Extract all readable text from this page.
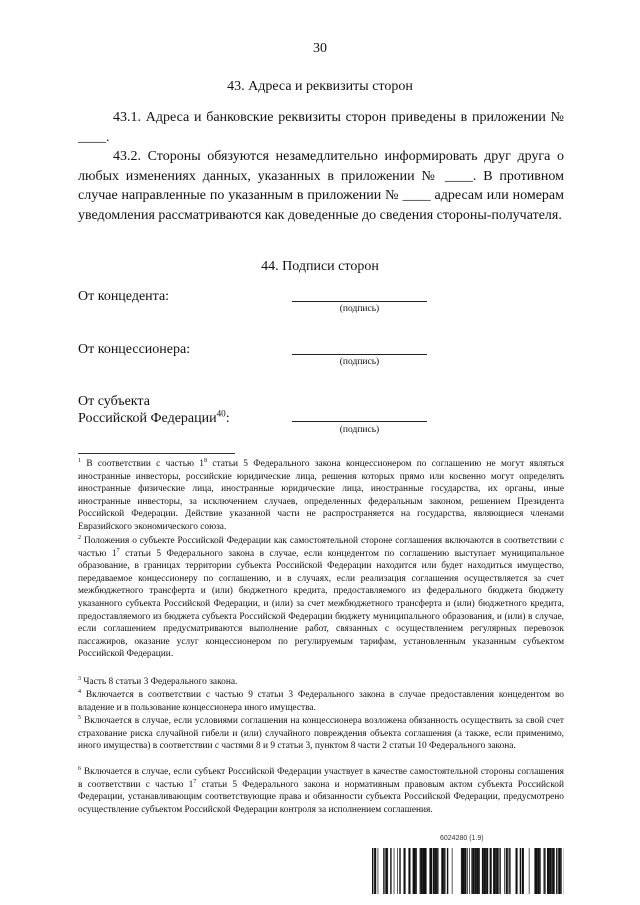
30
43. Адреса и реквизиты сторон
43.1. Адреса и банковские реквизиты сторон приведены в приложении № ____.
43.2. Стороны обязуются незамедлительно информировать друг друга о любых изменениях данных, указанных в приложении № ____. В противном случае направленные по указанным в приложении № ____ адресам или номерам уведомления рассматриваются как доведенные до сведения стороны-получателя.
44. Подписи сторон
От концедента:
(подпись)
От концессионера:
(подпись)
От субъекта
Российской Федерации$^{40}$:
(подпись)
$^1$ В соответствии с частью $1^8$ статьи 5 Федерального закона концессионером по соглашению не могут являться иностранные инвесторы, российские юридические лица, решения которых прямо или косвенно могут определять иностранные физические лица, иностранные юридические лица, иностранные государства, их органы, иные иностранные инвесторы, за исключением случаев, определенных федеральным законом, решением Президента Российской Федерации. Действие указанной части не распространяется на государства, являющиеся членами Евразийского экономического союза.
$^2$ Положения о субъекте Российской Федерации как самостоятельной стороне соглашения включаются в соответствии с частью $1^7$ статьи 5 Федерального закона в случае, если концедентом по соглашению выступает муниципальное образование, в границах территории субъекта Российской Федерации находится или будет находиться имущество, передаваемое концессионеру по соглашению, и в случаях, если реализация соглашения осуществляется за счет межбюджетного трансферта и (или) бюджетного кредита, предоставляемого из федерального бюджета бюджету указанного субъекта Российской Федерации, и (или) за счет межбюджетного трансферта и (или) бюджетного кредита, предоставляемого из бюджета субъекта Российской Федерации бюджету муниципального образования, и (или) в случае, если соглашением предусматриваются выполнение работ, связанных с осуществлением регулярных перевозок пассажиров, оказание услуг концессионером по регулируемым тарифам, установленным указанным субъектом Российской Федерации.
$^3$ Часть 8 статьи 3 Федерального закона.
$^4$ Включается в соответствии с частью 9 статьи 3 Федерального закона в случае предоставления концедентом во владение и в пользование концессионера иного имущества.
$^5$ Включается в случае, если условиями соглашения на концессионера возложена обязанность осуществить за свой счет страхование риска случайной гибели и (или) случайного повреждения объекта соглашения (а также, если применимо, иного имущества) в соответствии с частями 8 и 9 статьи 3, пунктом 8 части 2 статьи 10 Федерального закона.
$^6$ Включается в случае, если субъект Российской Федерации участвует в качестве самостоятельной стороны соглашения в соответствии с частью $1^7$ статьи 5 Федерального закона и нормативным правовым актом субъекта Российской Федерации, устанавливающим соответствующие права и обязанности субъекта Российской Федерации, предусмотрено осуществление субъектом Российской Федерации контроля за исполнением соглашения.
6024280 (1.9)
